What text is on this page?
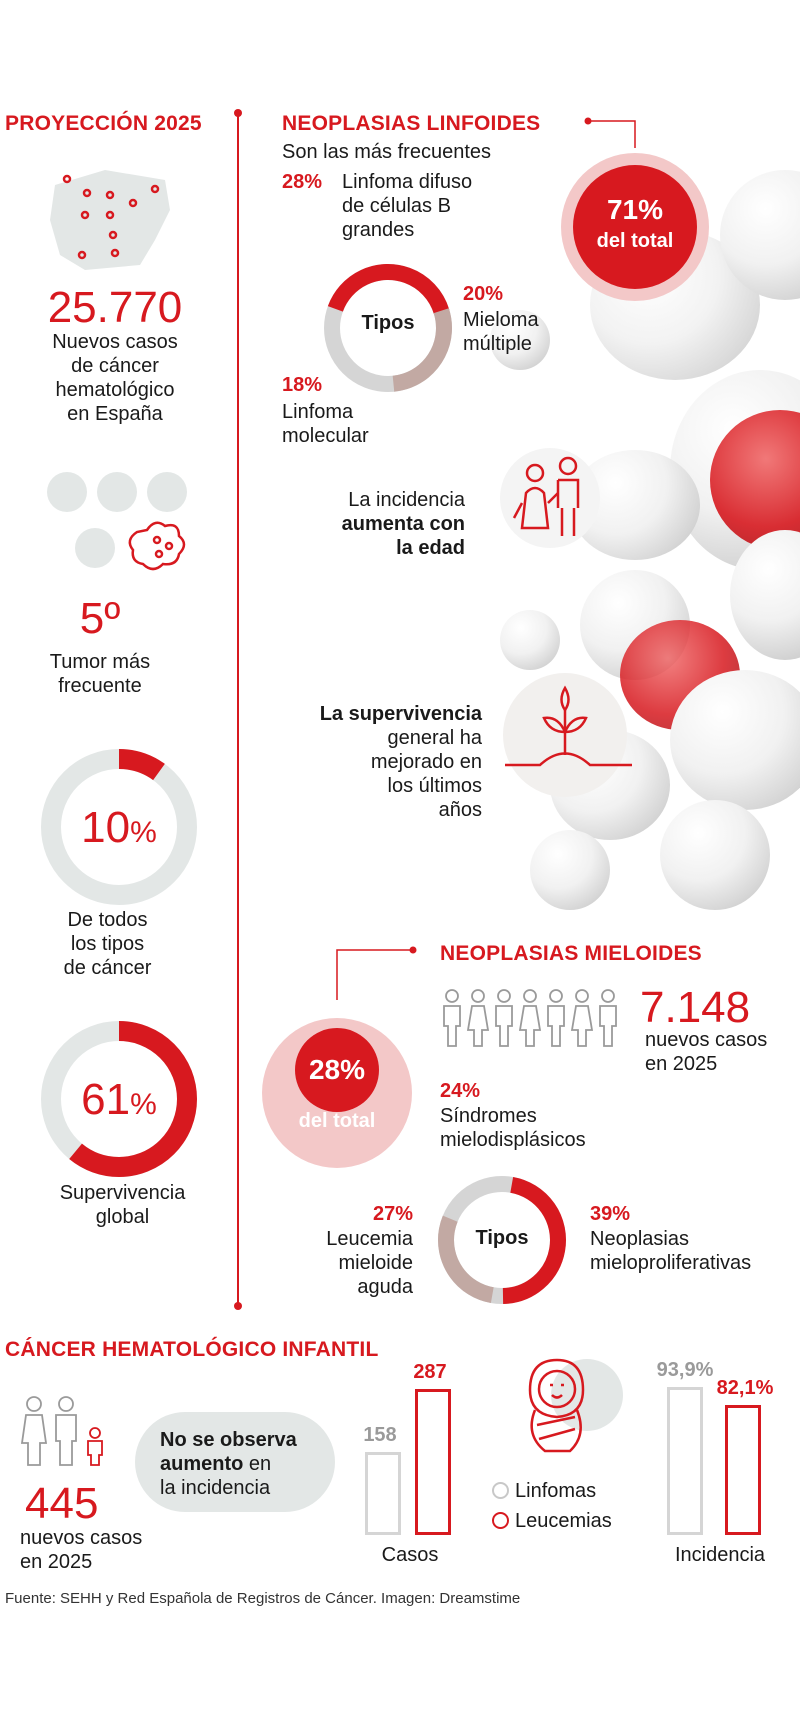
PROYECCIÓN 2025
25.770
Nuevos casos
de cáncer
hematológico
en España
5º
Tumor más
frecuente
10%
De todos
los tipos
de cáncer
61%
Supervivencia
global
NEOPLASIAS LINFOIDES
Son las más frecuentes
71%
del total
28% Linfoma difuso
de células B
grandes
Tipos
20%
Mieloma
múltiple
18%
Linfoma
molecular
La incidencia
aumenta con
la edad
La supervivencia
general ha
mejorado en
los últimos
años
NEOPLASIAS MIELOIDES
7.148
nuevos casos
en 2025
28%
del total
24%
Síndromes
mielodisplásicos
Tipos
27%
Leucemia
mieloide
aguda
39%
Neoplasias
mieloproliferativas
CÁNCER HEMATOLÓGICO INFANTIL
445
nuevos casos
en 2025
No se observa
aumento en
la incidencia
158
287
Casos
Linfomas
Leucemias
93,9%
82,1%
Incidencia
Fuente: SEHH y Red Española de Registros de Cáncer. Imagen: Dreamstime
